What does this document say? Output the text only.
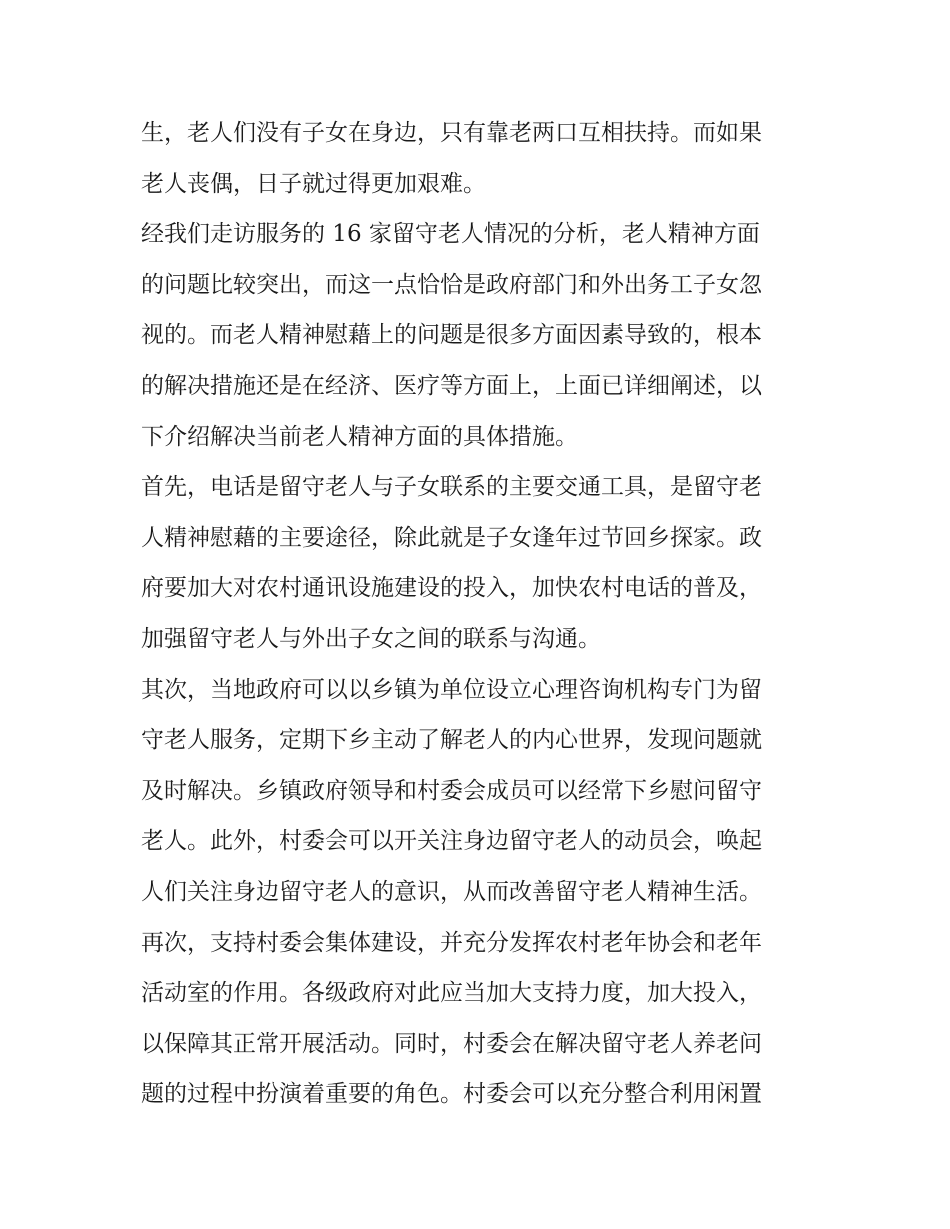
生，老人们没有子女在身边，只有靠老两口互相扶持。而如果
老人丧偶，日子就过得更加艰难。
经我们走访服务的 16 家留守老人情况的分析，老人精神方面
的问题比较突出，而这一点恰恰是政府部门和外出务工子女忽
视的。而老人精神慰藉上的问题是很多方面因素导致的，根本
的解决措施还是在经济、医疗等方面上，上面已详细阐述，以
下介绍解决当前老人精神方面的具体措施。
首先，电话是留守老人与子女联系的主要交通工具，是留守老
人精神慰藉的主要途径，除此就是子女逢年过节回乡探家。政
府要加大对农村通讯设施建设的投入，加快农村电话的普及，
加强留守老人与外出子女之间的联系与沟通。
其次，当地政府可以以乡镇为单位设立心理咨询机构专门为留
守老人服务，定期下乡主动了解老人的内心世界，发现问题就
及时解决。乡镇政府领导和村委会成员可以经常下乡慰问留守
老人。此外，村委会可以开关注身边留守老人的动员会，唤起
人们关注身边留守老人的意识，从而改善留守老人精神生活。
再次，支持村委会集体建设，并充分发挥农村老年协会和老年
活动室的作用。各级政府对此应当加大支持力度，加大投入，
以保障其正常开展活动。同时，村委会在解决留守老人养老问
题的过程中扮演着重要的角色。村委会可以充分整合利用闲置
